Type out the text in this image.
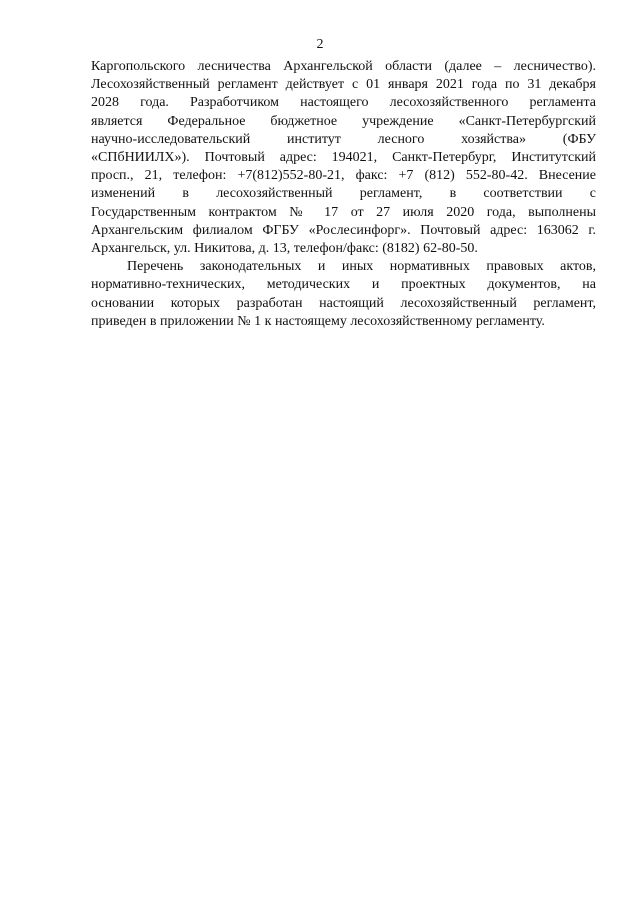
2
Каргопольского лесничества Архангельской области (далее – лесничество).
Лесохозяйственный регламент действует с 01 января 2021 года по 31 декабря
2028 года. Разработчиком настоящего лесохозяйственного регламента
является Федеральное бюджетное учреждение «Санкт-Петербургский
научно-исследовательский институт лесного хозяйства» (ФБУ
«СПбНИИЛХ»). Почтовый адрес: 194021, Санкт-Петербург, Институтский
просп., 21, телефон: +7(812)552-80-21, факс: +7 (812) 552-80-42. Внесение
изменений в лесохозяйственный регламент, в соответствии с
Государственным контрактом № 17 от 27 июля 2020 года, выполнены
Архангельским филиалом ФГБУ «Рослесинфорг». Почтовый адрес: 163062 г.
Архангельск, ул. Никитова, д. 13, телефон/факс: (8182) 62-80-50.
Перечень законодательных и иных нормативных правовых актов,
нормативно-технических, методических и проектных документов, на
основании которых разработан настоящий лесохозяйственный регламент,
приведен в приложении № 1 к настоящему лесохозяйственному регламенту.
